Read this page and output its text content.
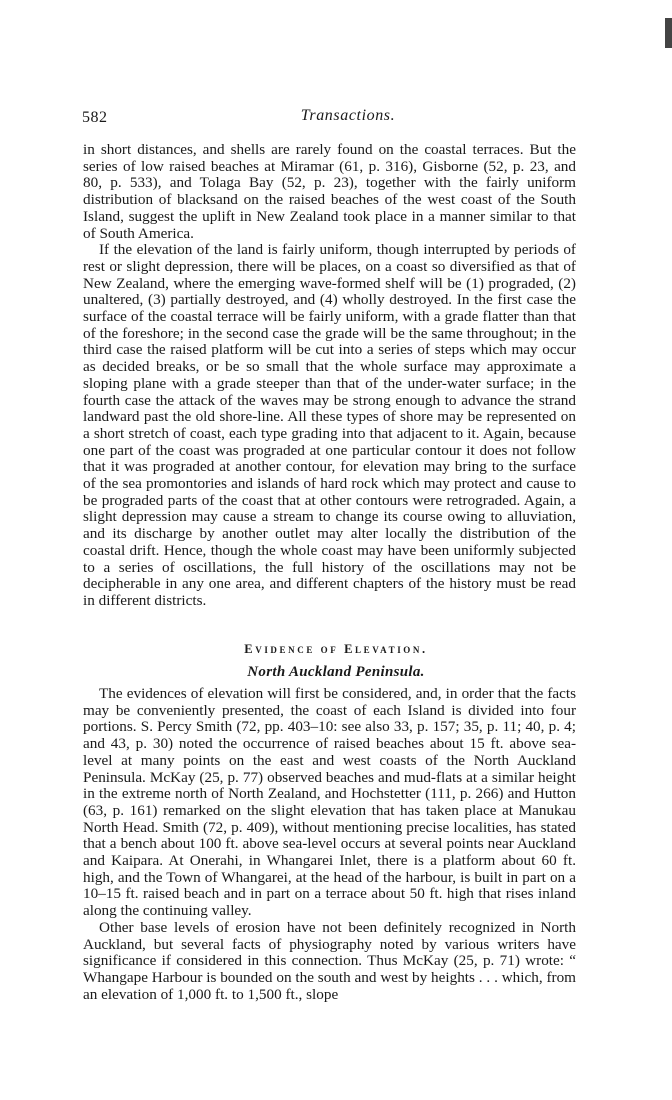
582	Transactions.

in short distances, and shells are rarely found on the coastal terraces. But the series of low raised beaches at Miramar (61, p. 316), Gisborne (52, p. 23, and 80, p. 533), and Tolaga Bay (52, p. 23), together with the fairly uniform distribution of blacksand on the raised beaches of the west coast of the South Island, suggest the uplift in New Zealand took place in a manner similar to that of South America.

If the elevation of the land is fairly uniform, though interrupted by periods of rest or slight depression, there will be places, on a coast so diversified as that of New Zealand, where the emerging wave-formed shelf will be (1) prograded, (2) unaltered, (3) partially destroyed, and (4) wholly destroyed. In the first case the surface of the coastal terrace will be fairly uniform, with a grade flatter than that of the foreshore; in the second case the grade will be the same throughout; in the third case the raised platform will be cut into a series of steps which may occur as decided breaks, or be so small that the whole surface may approximate a sloping plane with a grade steeper than that of the under-water surface; in the fourth case the attack of the waves may be strong enough to advance the strand landward past the old shore-line. All these types of shore may be represented on a short stretch of coast, each type grading into that adjacent to it. Again, because one part of the coast was prograded at one particular contour it does not follow that it was prograded at another contour, for elevation may bring to the surface of the sea promontories and islands of hard rock which may protect and cause to be prograded parts of the coast that at other contours were retrograded. Again, a slight depression may cause a stream to change its course owing to alluviation, and its discharge by another outlet may alter locally the distribution of the coastal drift. Hence, though the whole coast may have been uniformly subjected to a series of oscillations, the full history of the oscillations may not be decipherable in any one area, and different chapters of the history must be read in different districts.

Evidence of Elevation.
North Auckland Peninsula.

The evidences of elevation will first be considered, and, in order that the facts may be conveniently presented, the coast of each Island is divided into four portions. S. Percy Smith (72, pp. 403–10: see also 33, p. 157; 35, p. 11; 40, p. 4; and 43, p. 30) noted the occurrence of raised beaches about 15 ft. above sea-level at many points on the east and west coasts of the North Auckland Peninsula. McKay (25, p. 77) observed beaches and mud-flats at a similar height in the extreme north of North Zealand, and Hochstetter (111, p. 266) and Hutton (63, p. 161) remarked on the slight elevation that has taken place at Manukau North Head. Smith (72, p. 409), without mentioning precise localities, has stated that a bench about 100 ft. above sea-level occurs at several points near Auckland and Kaipara. At Onerahi, in Whangarei Inlet, there is a platform about 60 ft. high, and the Town of Whangarei, at the head of the harbour, is built in part on a 10–15 ft. raised beach and in part on a terrace about 50 ft. high that rises inland along the continuing valley.

Other base levels of erosion have not been definitely recognized in North Auckland, but several facts of physiography noted by various writers have significance if considered in this connection. Thus McKay (25, p. 71) wrote: “ Whangape Harbour is bounded on the south and west by heights . . . which, from an elevation of 1,000 ft. to 1,500 ft., slope
